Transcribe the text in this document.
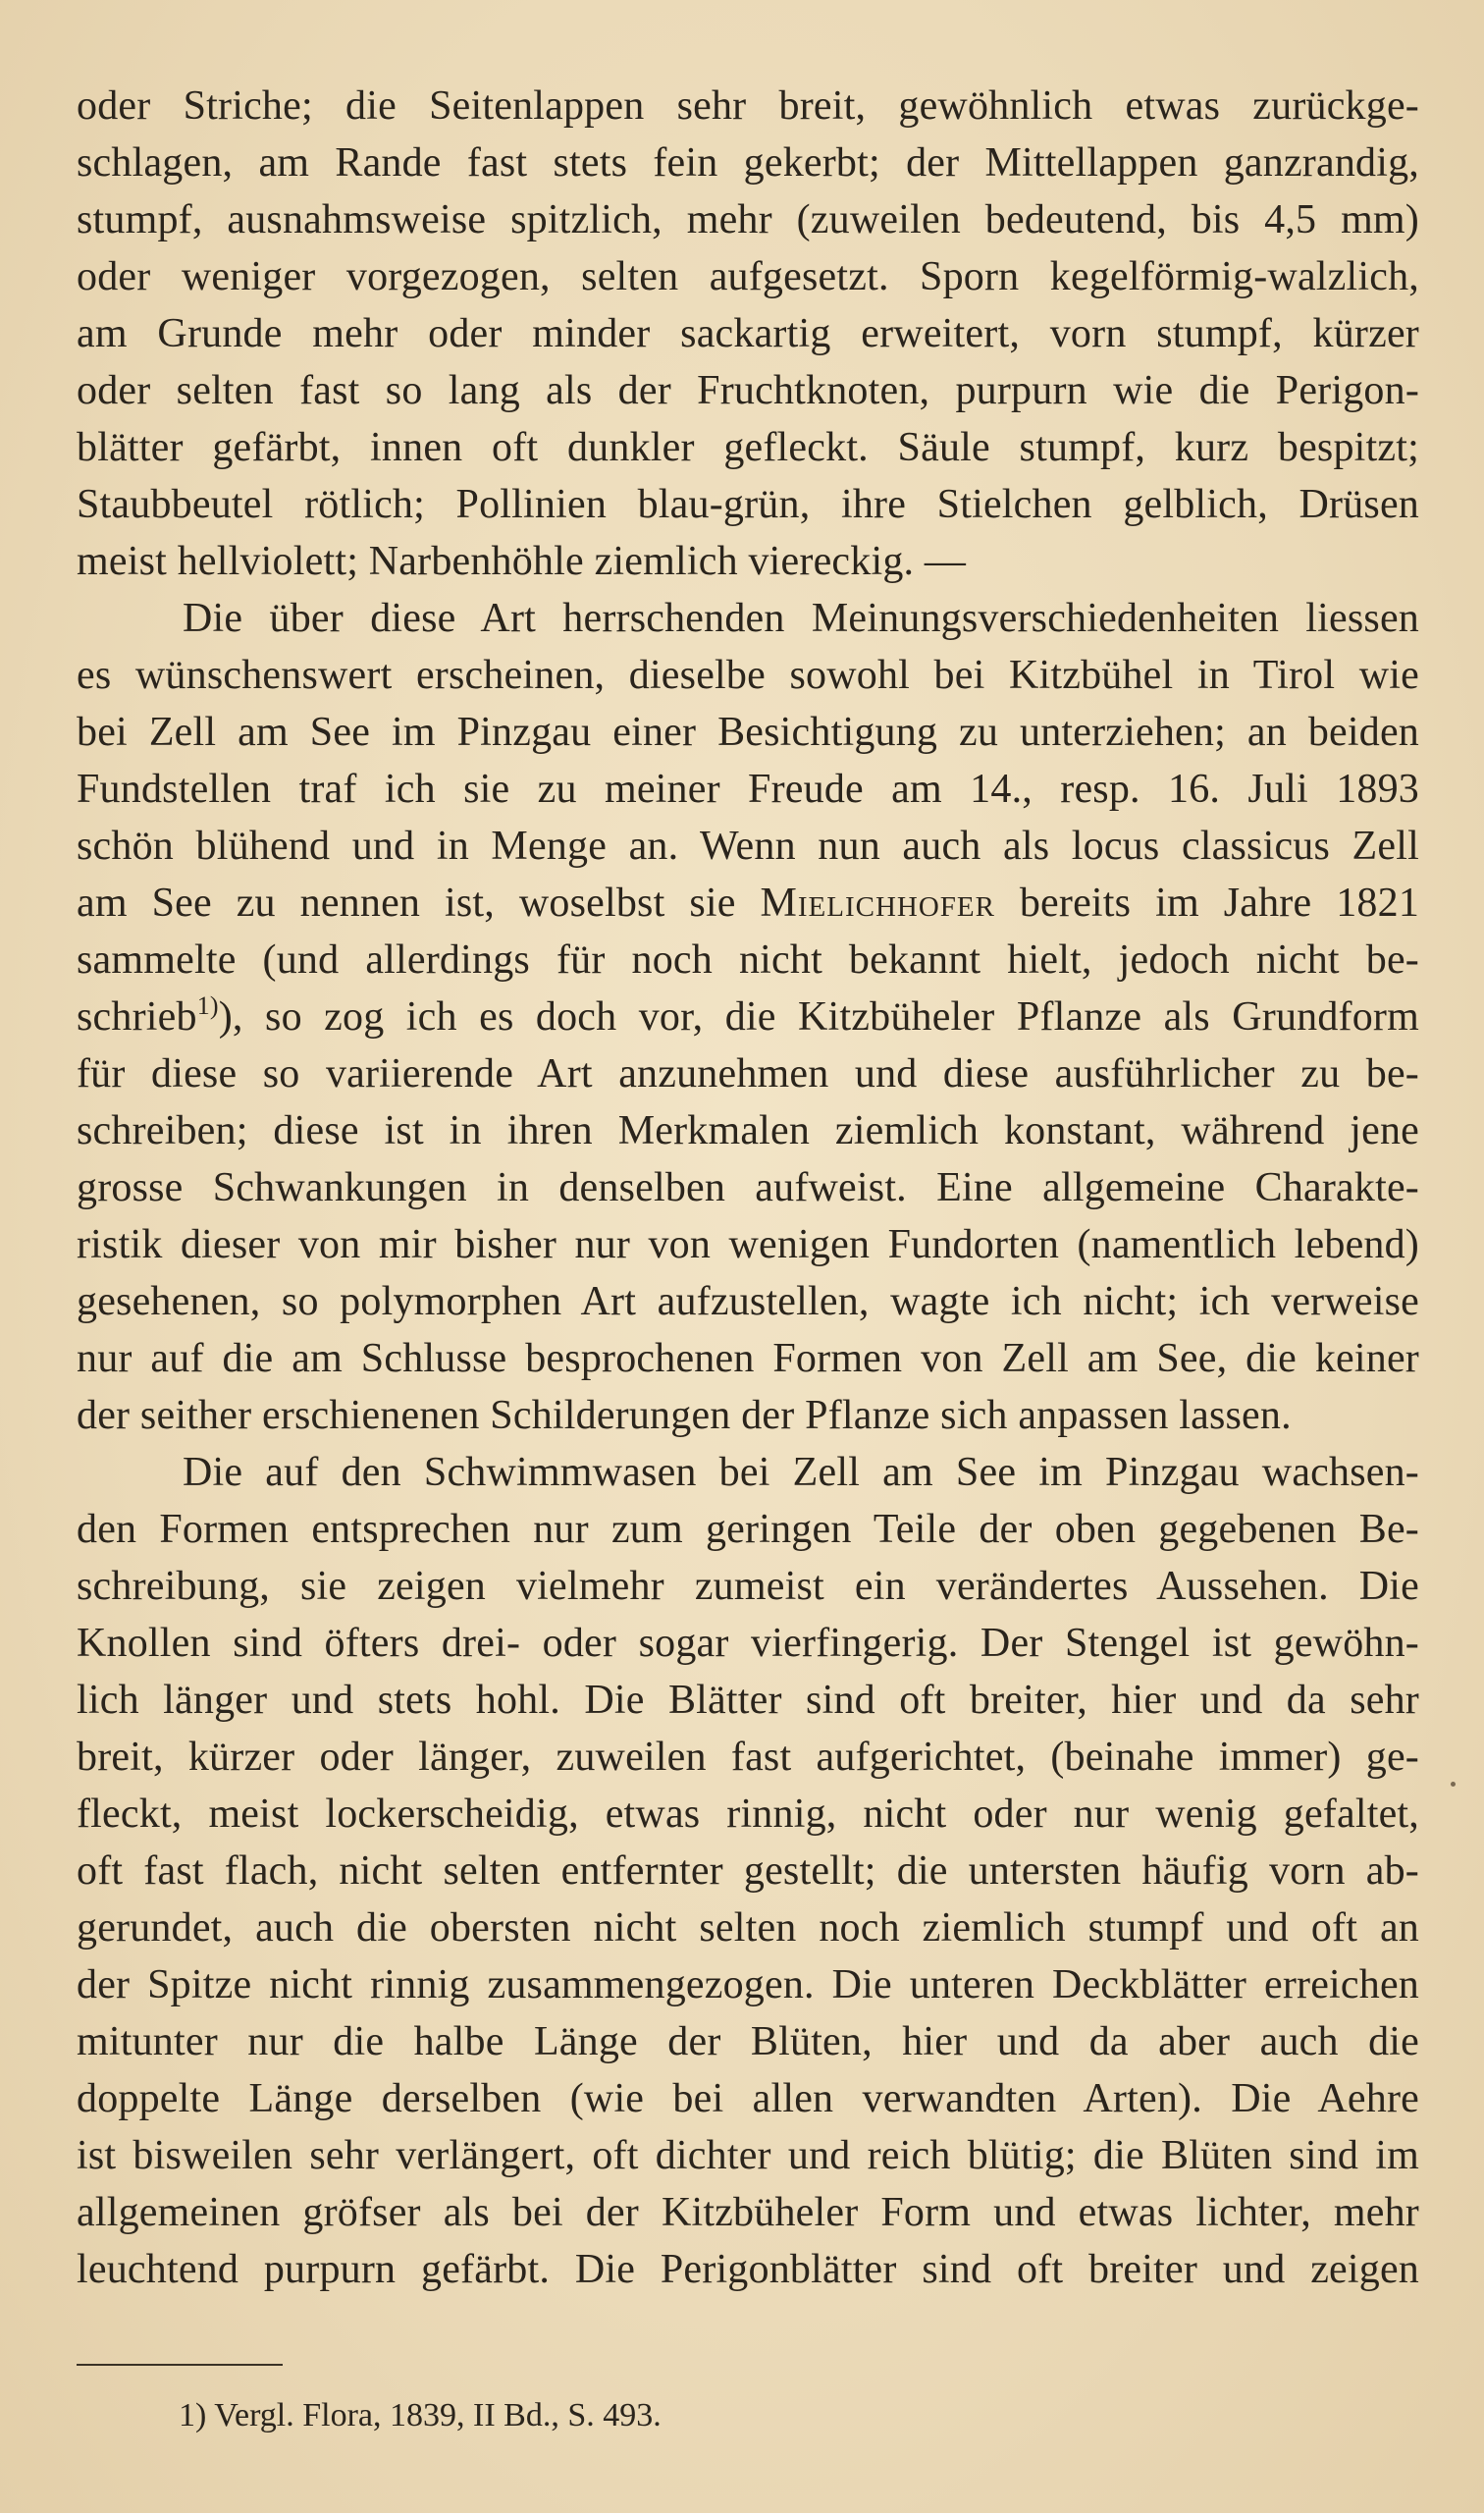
oder Striche; die Seitenlappen sehr breit, gewöhnlich etwas zurückge-
schlagen, am Rande fast stets fein gekerbt; der Mittellappen ganzrandig,
stumpf, ausnahmsweise spitzlich, mehr (zuweilen bedeutend, bis 4,5 mm)
oder weniger vorgezogen, selten aufgesetzt. Sporn kegelförmig-walzlich,
am Grunde mehr oder minder sackartig erweitert, vorn stumpf, kürzer
oder selten fast so lang als der Fruchtknoten, purpurn wie die Perigon-
blätter gefärbt, innen oft dunkler gefleckt. Säule stumpf, kurz bespitzt;
Staubbeutel rötlich; Pollinien blau-grün, ihre Stielchen gelblich, Drüsen
meist hellviolett; Narbenhöhle ziemlich viereckig. —
Die über diese Art herrschenden Meinungsverschiedenheiten liessen
es wünschenswert erscheinen, dieselbe sowohl bei Kitzbühel in Tirol wie
bei Zell am See im Pinzgau einer Besichtigung zu unterziehen; an beiden
Fundstellen traf ich sie zu meiner Freude am 14., resp. 16. Juli 1893
schön blühend und in Menge an. Wenn nun auch als locus classicus Zell
am See zu nennen ist, woselbst sie Mielichhofer bereits im Jahre 1821
sammelte (und allerdings für noch nicht bekannt hielt, jedoch nicht be-
schrieb$^{1)}$), so zog ich es doch vor, die Kitzbüheler Pflanze als Grundform
für diese so variierende Art anzunehmen und diese ausführlicher zu be-
schreiben; diese ist in ihren Merkmalen ziemlich konstant, während jene
grosse Schwankungen in denselben aufweist. Eine allgemeine Charakte-
ristik dieser von mir bisher nur von wenigen Fundorten (namentlich lebend)
gesehenen, so polymorphen Art aufzustellen, wagte ich nicht; ich verweise
nur auf die am Schlusse besprochenen Formen von Zell am See, die keiner
der seither erschienenen Schilderungen der Pflanze sich anpassen lassen.
Die auf den Schwimmwasen bei Zell am See im Pinzgau wachsen-
den Formen entsprechen nur zum geringen Teile der oben gegebenen Be-
schreibung, sie zeigen vielmehr zumeist ein verändertes Aussehen. Die
Knollen sind öfters drei- oder sogar vierfingerig. Der Stengel ist gewöhn-
lich länger und stets hohl. Die Blätter sind oft breiter, hier und da sehr
breit, kürzer oder länger, zuweilen fast aufgerichtet, (beinahe immer) ge-
fleckt, meist lockerscheidig, etwas rinnig, nicht oder nur wenig gefaltet,
oft fast flach, nicht selten entfernter gestellt; die untersten häufig vorn ab-
gerundet, auch die obersten nicht selten noch ziemlich stumpf und oft an
der Spitze nicht rinnig zusammengezogen. Die unteren Deckblätter erreichen
mitunter nur die halbe Länge der Blüten, hier und da aber auch die
doppelte Länge derselben (wie bei allen verwandten Arten). Die Aehre
ist bisweilen sehr verlängert, oft dichter und reich blütig; die Blüten sind im
allgemeinen gröfser als bei der Kitzbüheler Form und etwas lichter, mehr
leuchtend purpurn gefärbt. Die Perigonblätter sind oft breiter und zeigen
1) Vergl. Flora, 1839, II Bd., S. 493.
